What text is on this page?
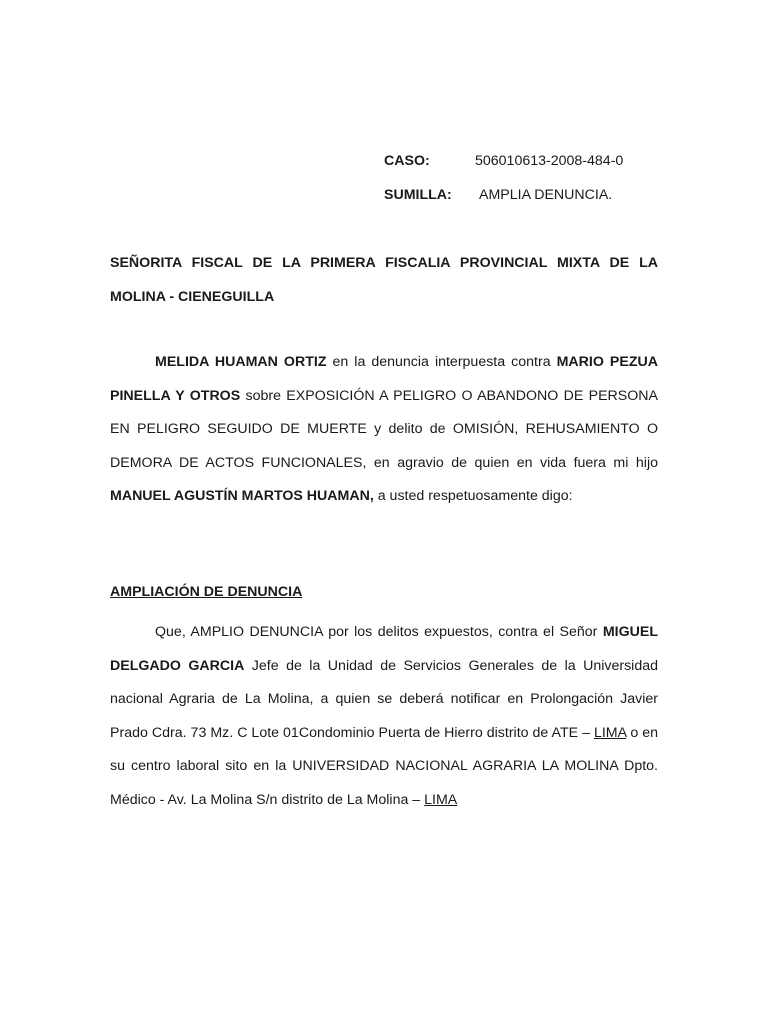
CASO:	506010613-2008-484-0
SUMILLA: AMPLIA DENUNCIA.
SEÑORITA FISCAL DE LA PRIMERA FISCALIA PROVINCIAL MIXTA DE LA
MOLINA - CIENEGUILLA
MELIDA HUAMAN ORTIZ en la denuncia interpuesta contra MARIO PEZUA PINELLA Y OTROS sobre EXPOSICIÓN A PELIGRO O ABANDONO DE PERSONA EN PELIGRO SEGUIDO DE MUERTE y delito de OMISIÓN, REHUSAMIENTO O DEMORA DE ACTOS FUNCIONALES, en agravio de quien en vida fuera mi hijo MANUEL AGUSTÍN MARTOS HUAMAN, a usted respetuosamente digo:
AMPLIACIÓN DE DENUNCIA
Que, AMPLIO DENUNCIA por los delitos expuestos, contra el Señor MIGUEL DELGADO GARCIA Jefe de la Unidad de Servicios Generales de la Universidad nacional Agraria de La Molina, a quien se deberá notificar en Prolongación Javier Prado Cdra. 73 Mz. C Lote 01Condominio Puerta de Hierro distrito de ATE – LIMA o en su centro laboral sito en la UNIVERSIDAD NACIONAL AGRARIA LA MOLINA Dpto. Médico - Av. La Molina S/n distrito de La Molina – LIMA
